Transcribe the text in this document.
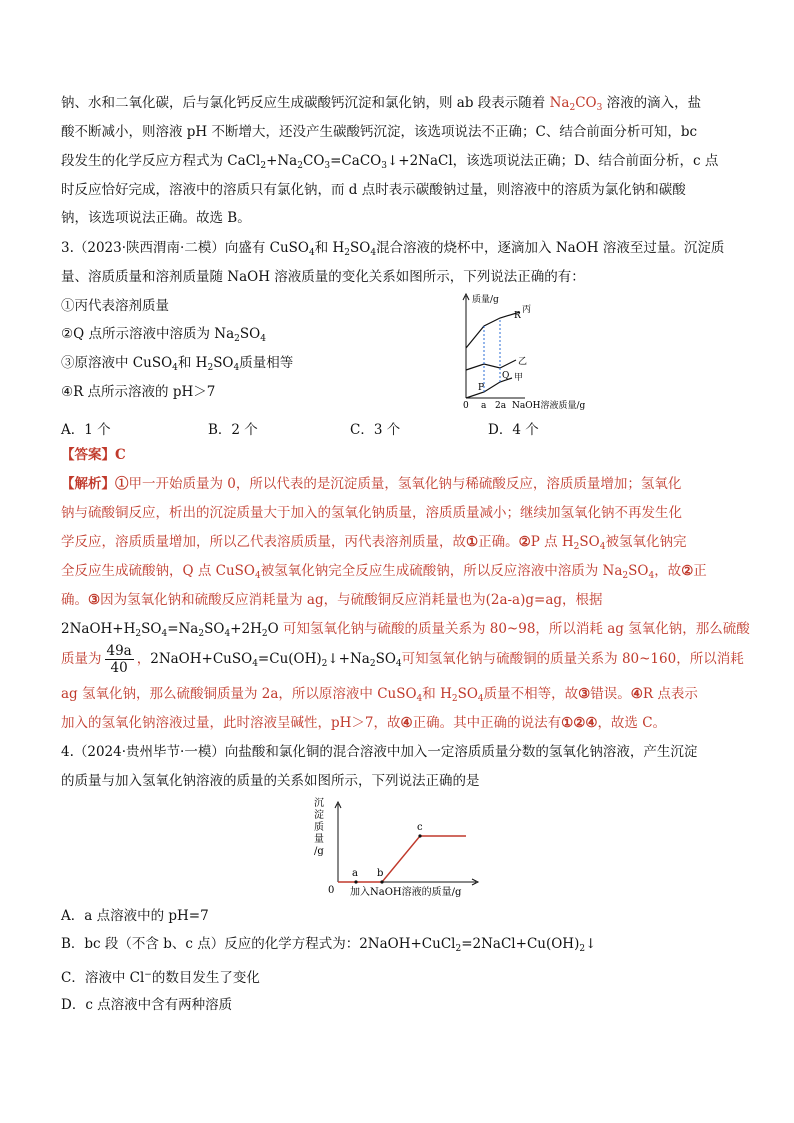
钠、水和二氧化碳，后与氯化钙反应生成碳酸钙沉淀和氯化钠，则 ab 段表示随着 $Na_2CO_3$ 溶液的滴入，盐
酸不断减小，则溶液 pH 不断增大，还没产生碳酸钙沉淀，该选项说法不正确；C、结合前面分析可知，bc
段发生的化学反应方程式为 $CaCl_2+Na_2CO_3=CaCO_3↓+2NaCl$，该选项说法正确；D、结合前面分析，c 点
时反应恰好完成，溶液中的溶质只有氯化钠，而 d 点时表示碳酸钠过量，则溶液中的溶质为氯化钠和碳酸
钠，该选项说法正确。故选 B。
3.（2023·陕西渭南·二模）向盛有 CuSO$_4$和 $H_2SO_4$混合溶液的烧杯中，逐滴加入 NaOH 溶液至过量。沉淀质
量、溶质质量和溶剂质量随 NaOH 溶液质量的变化关系如图所示，下列说法正确的有：
①丙代表溶剂质量
②Q 点所示溶液中溶质为 $Na_2SO_4$
③原溶液中 CuSO$_4$和 $H_2SO_4$质量相等
④R 点所示溶液的 pH＞7
质量/g
R
丙
乙
甲
P
Q
0 a 2a NaOH溶液质量/g
A．1 个	B．2 个	C．3 个	D．4 个
【答案】C
【解析】①甲一开始质量为 0，所以代表的是沉淀质量，氢氧化钠与稀硫酸反应，溶质质量增加；氢氧化
钠与硫酸铜反应，析出的沉淀质量大于加入的氢氧化钠质量，溶质质量减小；继续加氢氧化钠不再发生化
学反应，溶质质量增加，所以乙代表溶质质量，丙代表溶剂质量，故①正确。②P 点 $H_2SO_4$被氢氧化钠完
全反应生成硫酸钠，Q 点 CuSO$_4$被氢氧化钠完全反应生成硫酸钠，所以反应溶液中溶质为 $Na_2SO_4$，故②正
确。③因为氢氧化钠和硫酸反应消耗量为 ag，与硫酸铜反应消耗量也为(2a-a)g=ag，根据
$2NaOH+H_2SO_4=Na_2SO_4+2H_2O$ 可知氢氧化钠与硫酸的质量关系为 80~98，所以消耗 ag 氢氧化钠，那么硫酸
质量为 $\frac{49a}{40}$ ，$2NaOH+CuSO_4=Cu(OH)_2↓+Na_2SO_4$可知氢氧化钠与硫酸铜的质量关系为 80~160，所以消耗
ag 氢氧化钠，那么硫酸铜质量为 2a，所以原溶液中 CuSO$_4$和 $H_2SO_4$质量不相等，故③错误。④R 点表示
加入的氢氧化钠溶液过量，此时溶液呈碱性，pH＞7，故④正确。其中正确的说法有①②④，故选 C。
4.（2024·贵州毕节·一模）向盐酸和氯化铜的混合溶液中加入一定溶质质量分数的氢氧化钠溶液，产生沉淀
的质量与加入氢氧化钠溶液的质量的关系如图所示，下列说法正确的是
沉
淀
质
量
/g
a b
c
0 加入NaOH溶液的质量/g
A．a 点溶液中的 pH=7
B．bc 段（不含 b、c 点）反应的化学方程式为：$2NaOH+CuCl_2=2NaCl+Cu(OH)_2↓$
C．溶液中 Cl−的数目发生了变化
D．c 点溶液中含有两种溶质
